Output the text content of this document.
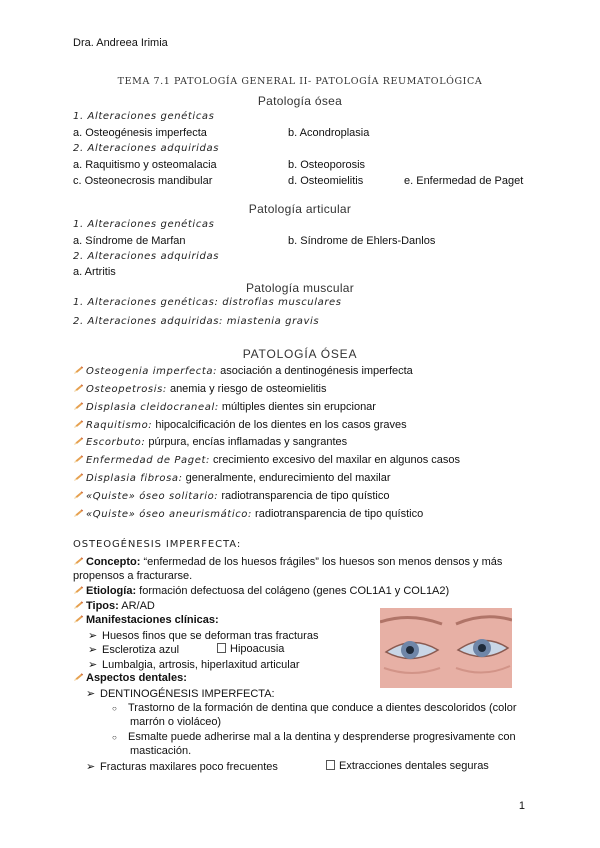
Dra. Andreea Irimia
TEMA 7.1 PATOLOGÍA GENERAL II- PATOLOGÍA REUMATOLÓGICA
Patología ósea
1. Alteraciones genéticas
a. Osteogénesis imperfecta	b. Acondroplasia
2. Alteraciones adquiridas
a. Raquitismo y osteomalacia	b. Osteoporosis
c. Osteonecrosis mandibular	d. Osteomielitis	e. Enfermedad de Paget
Patología articular
1. Alteraciones genéticas
a. Síndrome de Marfan	b. Síndrome de Ehlers-Danlos
2. Alteraciones adquiridas
a. Artritis
Patología muscular
1. Alteraciones genéticas: distrofias musculares
2. Alteraciones adquiridas: miastenia gravis
PATOLOGÍA ÓSEA
Osteogenia imperfecta: asociación a dentinogénesis imperfecta
Osteopetrosis: anemia y riesgo de osteomielitis
Displasia cleidocraneal: múltiples dientes sin erupcionar
Raquitismo: hipocalcificación de los dientes en los casos graves
Escorbuto: púrpura, encías inflamadas y sangrantes
Enfermedad de Paget: crecimiento excesivo del maxilar en algunos casos
Displasia fibrosa: generalmente, endurecimiento del maxilar
«Quiste» óseo solitario: radiotransparencia de tipo quístico
«Quiste» óseo aneurismático: radiotransparencia de tipo quístico
OSTEOGÉNESIS IMPERFECTA:
Concepto: “enfermedad de los huesos frágiles” los huesos son menos densos y más
propensos a fracturarse.
Etiología: formación defectuosa del colágeno (genes COL1A1 y COL1A2)
Tipos: AR/AD
Manifestaciones clínicas:
➢ Huesos finos que se deforman tras fracturas
➢ Esclerotiza azul	Hipoacusia
➢ Lumbalgia, artrosis, hiperlaxitud articular
Aspectos dentales:
➢ DENTINOGÉNESIS IMPERFECTA:
○ Trastorno de la formación de dentina que conduce a dientes descoloridos (color
marrón o violáceo)
○ Esmalte puede adherirse mal a la dentina y desprenderse progresivamente con
masticación.
➢ Fracturas maxilares poco frecuentes	Extracciones dentales seguras
1
